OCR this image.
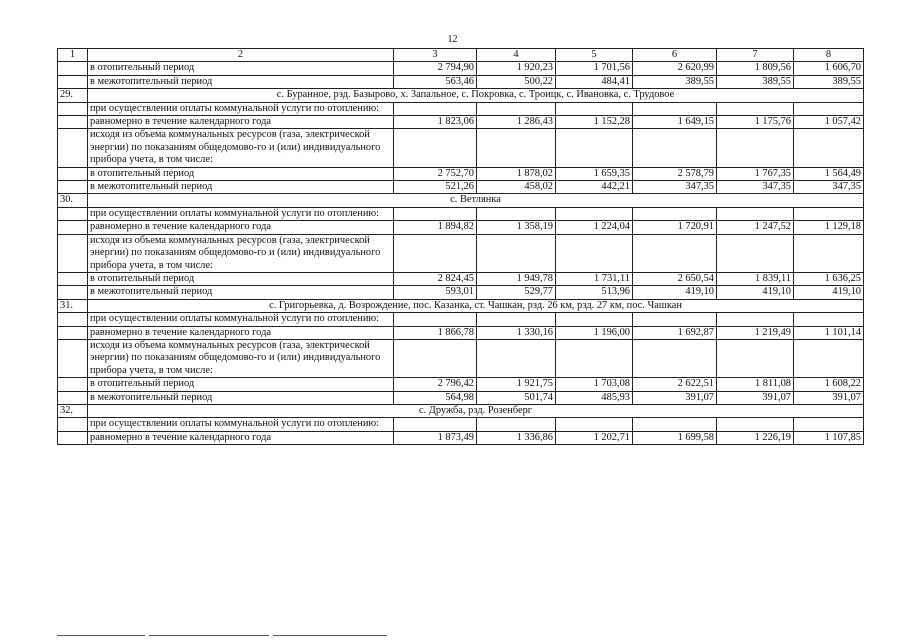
12
1	2	3	4	5	6	7	8
	в отопительный период	2 794,90	1 920,23	1 701,56	2 620,99	1 809,56	1 606,70
	в межотопительный период	563,46	500,22	484,41	389,55	389,55	389,55
29.	с. Буранное, рзд. Базырово, х. Запальное, с. Покровка, с. Троицк, с. Ивановка, с. Трудовое						
	при осуществлении оплаты коммунальной услуги по отоплению:						
	равномерно в течение календарного года	1 823,06	1 286,43	1 152,28	1 649,15	1 175,76	1 057,42
	исходя из объема коммунальных ресурсов (газа, электрической энергии) по показаниям общедомово-го и (или) индивидуального прибора учета, в том числе:						
	в отопительный период	2 752,70	1 878,02	1 659,35	2 578,79	1 767,35	1 564,49
	в межотопительный период	521,26	458,02	442,21	347,35	347,35	347,35
30.	с. Ветлянка						
	при осуществлении оплаты коммунальной услуги по отоплению:						
	равномерно в течение календарного года	1 894,82	1 358,19	1 224,04	1 720,91	1 247,52	1 129,18
	исходя из объема коммунальных ресурсов (газа, электрической энергии) по показаниям общедомово-го и (или) индивидуального прибора учета, в том числе:						
	в отопительный период	2 824,45	1 949,78	1 731,11	2 650,54	1 839,11	1 636,25
	в межотопительный период	593,01	529,77	513,96	419,10	419,10	419,10
31.	с. Григорьевка, д. Возрождение, пос. Казанка, ст. Чашкан, рзд. 26 км, рзд. 27 км, пос. Чашкан						
	при осуществлении оплаты коммунальной услуги по отоплению:						
	равномерно в течение календарного года	1 866,78	1 330,16	1 196,00	1 692,87	1 219,49	1 101,14
	исходя из объема коммунальных ресурсов (газа, электрической энергии) по показаниям общедомово-го и (или) индивидуального прибора учета, в том числе:						
	в отопительный период	2 796,42	1 921,75	1 703,08	2 622,51	1 811,08	1 608,22
	в межотопительный период	564,98	501,74	485,93	391,07	391,07	391,07
32.	с. Дружба, рзд. Розенберг						
	при осуществлении оплаты коммунальной услуги по отоплению:						
	равномерно в течение календарного года	1 873,49	1 336,86	1 202,71	1 699,58	1 226,19	1 107,85
